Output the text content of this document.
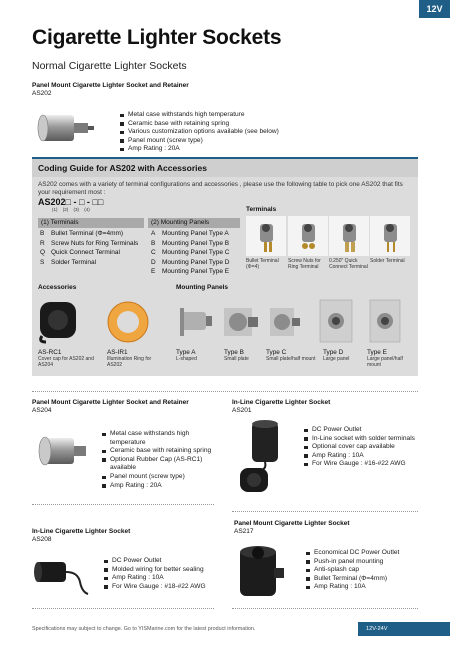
12V
Cigarette Lighter Sockets
Normal Cigarette Lighter Sockets
Panel Mount Cigarette Lighter Socket and Retainer
AS202
Metal case withstands high temperature
Ceramic base with retaining spring
Various customization options available (see below)
Panel mount (screw type)
Amp Rating : 20A
Coding Guide for AS202 with Accessories
AS202 comes with a variety of terminal configurations and accessories , please use the following table to pick one AS202 that fits your requirement most :
AS202□ - □ - □□
(1) (2) (3) (4)
(1) Terminals	(2) Mounting Panels
B Bullet Terminal (Φ=4mm)
R Screw Nuts for Ring Terminals
Q Quick Connect Terminal
S Solder Terminal
A Mounting Panel Type A
B Mounting Panel Type B
C Mounting Panel Type C
D Mounting Panel Type D
E Mounting Panel Type E
Terminals
Bullet Terminal
(Φ=4)
Screw Nuts for
Ring Terminal
0.250" Quick
Connect Terminal
Solder Terminal
Accessories	Mounting Panels
AS-RC1
Cover cap for AS202 and AS204
AS-IR1
Illumination Ring for AS202
Type A
L-shaped
Type B
Small plate
Type C
Small plate/half mount
Type D
Large panel
Type E
Large panel/half mount
Panel Mount Cigarette Lighter Socket and Retainer
AS204
Metal case withstands high temperature
Ceramic base with retaining spring
Optional Rubber Cap (AS-RC1) available
Panel mount (screw type)
Amp Rating : 20A
In-Line Cigarette Lighter Socket
AS201
DC Power Outlet
In-Line socket with solder terminals
Optional cover cap available
Amp Rating : 10A
For Wire Gauge : #16-#22 AWG
In-Line Cigarette Lighter Socket
AS208
DC Power Outlet
Molded wiring for better sealing
Amp Rating : 10A
For Wire Gauge : #18-#22 AWG
Panel Mount Cigarette Lighter Socket
AS217
Economical DC Power Outlet
Push-in panel mounting
Anti-splash cap
Bullet Terminal (Φ=4mm)
Amp Rating : 10A
Specifications may subject to change. Go to YISMarine.com for the latest product information.	12V-24V Accessories | 115 67
